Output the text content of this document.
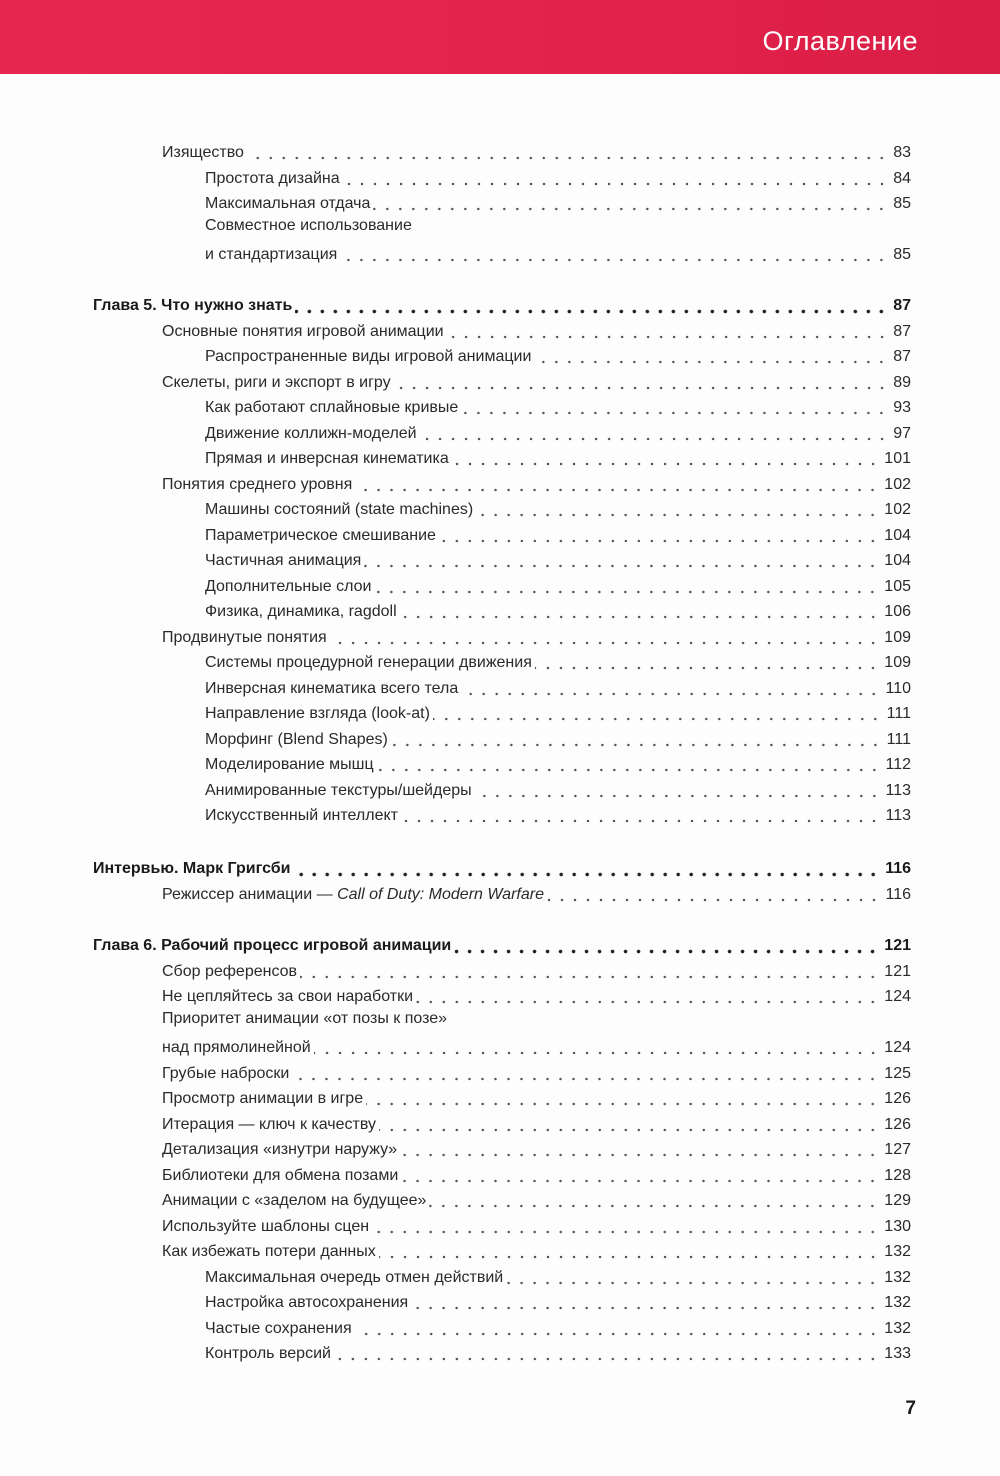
Оглавление
Изящество	83
Простота дизайна	84
Максимальная отдача	85
Совместное использование
и стандартизация	85
Глава 5. Что нужно знать	87
Основные понятия игровой анимации	87
Распространенные виды игровой анимации	87
Скелеты, риги и экспорт в игру	89
Как работают сплайновые кривые	93
Движение коллижн-моделей	97
Прямая и инверсная кинематика	101
Понятия среднего уровня	102
Машины состояний (state machines)	102
Параметрическое смешивание	104
Частичная анимация	104
Дополнительные слои	105
Физика, динамика, ragdoll	106
Продвинутые понятия	109
Системы процедурной генерации движения	109
Инверсная кинематика всего тела	110
Направление взгляда (look-at)	111
Морфинг (Blend Shapes)	111
Моделирование мышц	112
Анимированные текстуры/шейдеры	113
Искусственный интеллект	113
Интервью. Марк Григсби	116
Режиссер анимации — Call of Duty: Modern Warfare	116
Глава 6. Рабочий процесс игровой анимации	121
Сбор референсов	121
Не цепляйтесь за свои наработки	124
Приоритет анимации «от позы к позе»
над прямолинейной	124
Грубые наброски	125
Просмотр анимации в игре	126
Итерация — ключ к качеству	126
Детализация «изнутри наружу»	127
Библиотеки для обмена позами	128
Анимации с «заделом на будущее»	129
Используйте шаблоны сцен	130
Как избежать потери данных	132
Максимальная очередь отмен действий	132
Настройка автосохранения	132
Частые сохранения	132
Контроль версий	133
7
